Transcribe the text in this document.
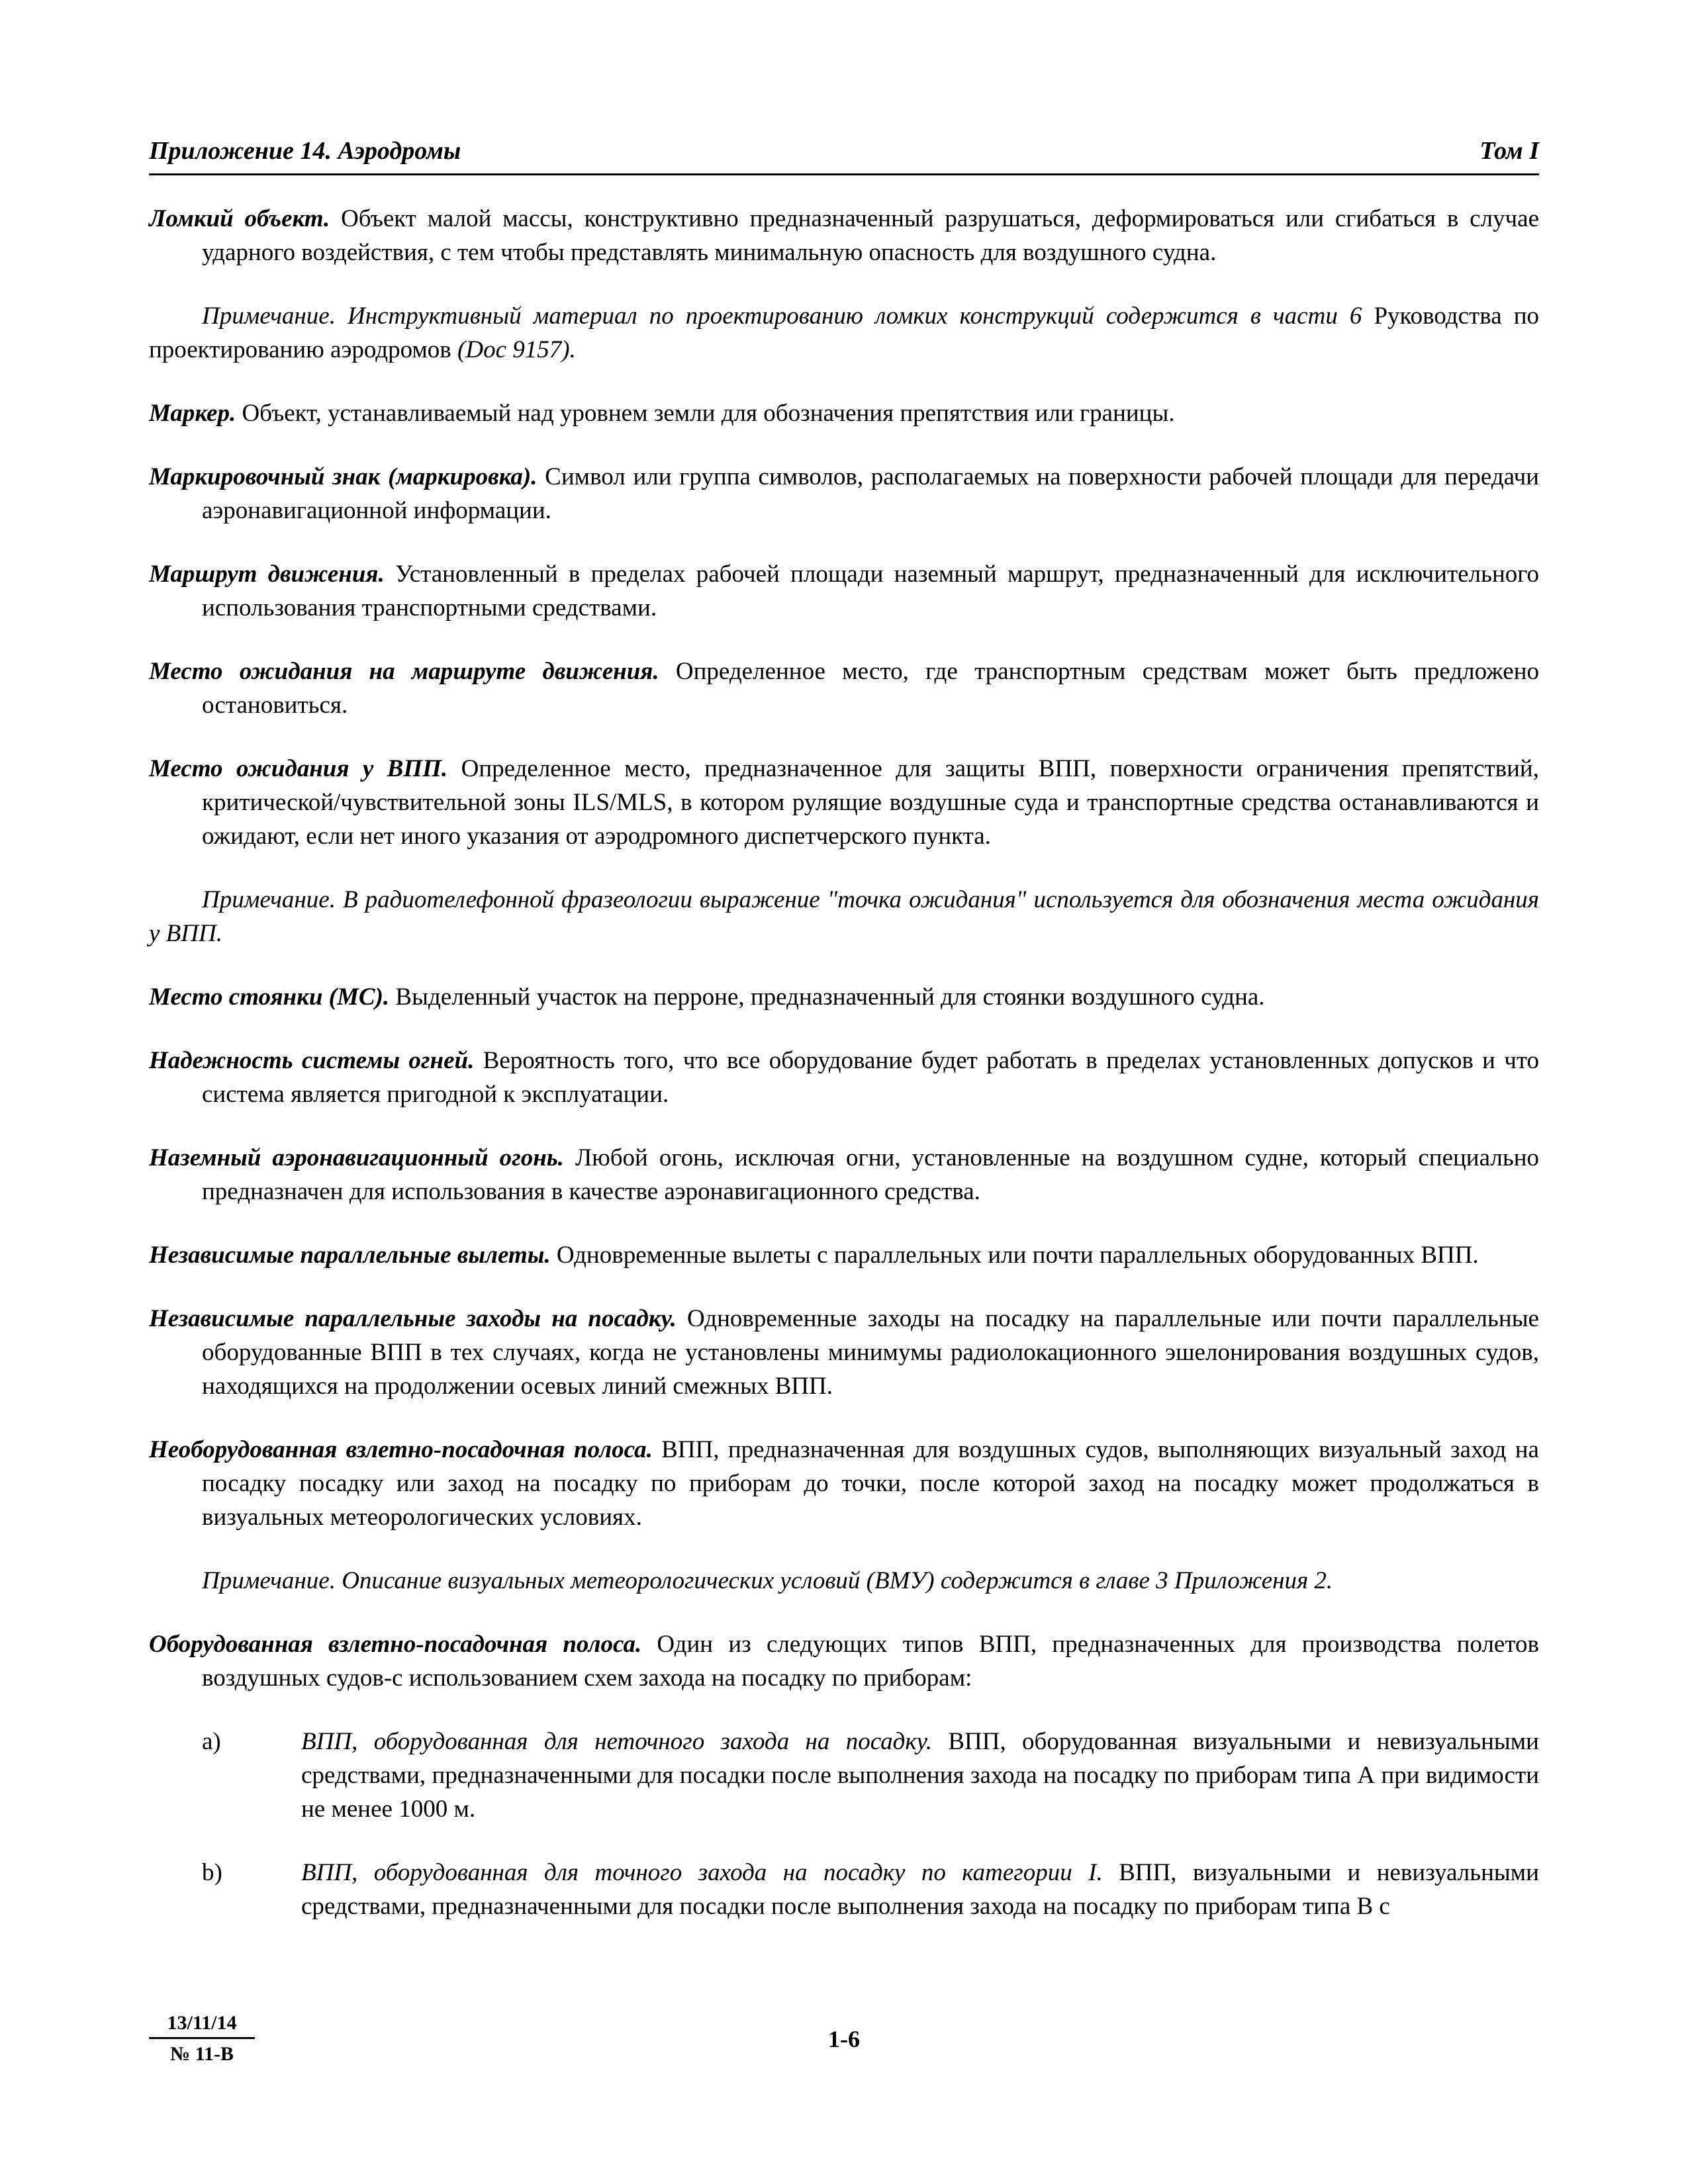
Приложение 14. Аэродромы	Том I

Ломкий объект. Объект малой массы, конструктивно предназначенный разрушаться, деформироваться или сгибаться в случае ударного воздействия, с тем чтобы представлять минимальную опасность для воздушного судна.

Примечание. Инструктивный материал по проектированию ломких конструкций содержится в части 6 Руководства по проектированию аэродромов (Doc 9157).

Маркер. Объект, устанавливаемый над уровнем земли для обозначения препятствия или границы.

Маркировочный знак (маркировка). Символ или группа символов, располагаемых на поверхности рабочей площади для передачи аэронавигационной информации.

Маршрут движения. Установленный в пределах рабочей площади наземный маршрут, предназначенный для исключительного использования транспортными средствами.

Место ожидания на маршруте движения. Определенное место, где транспортным средствам может быть предложено остановиться.

Место ожидания у ВПП. Определенное место, предназначенное для защиты ВПП, поверхности ограничения препятствий, критической/чувствительной зоны ILS/MLS, в котором рулящие воздушные суда и транспортные средства останавливаются и ожидают, если нет иного указания от аэродромного диспетчерского пункта.

Примечание. В радиотелефонной фразеологии выражение "точка ожидания" используется для обозначения места ожидания у ВПП.

Место стоянки (МС). Выделенный участок на перроне, предназначенный для стоянки воздушного судна.

Надежность системы огней. Вероятность того, что все оборудование будет работать в пределах установленных допусков и что система является пригодной к эксплуатации.

Наземный аэронавигационный огонь. Любой огонь, исключая огни, установленные на воздушном судне, который специально предназначен для использования в качестве аэронавигационного средства.

Независимые параллельные вылеты. Одновременные вылеты с параллельных или почти параллельных оборудованных ВПП.

Независимые параллельные заходы на посадку. Одновременные заходы на посадку на параллельные или почти параллельные оборудованные ВПП в тех случаях, когда не установлены минимумы радиолокационного эшелонирования воздушных судов, находящихся на продолжении осевых линий смежных ВПП.

Необорудованная взлетно-посадочная полоса. ВПП, предназначенная для воздушных судов, выполняющих визуальный заход на посадку посадку или заход на посадку по приборам до точки, после которой заход на посадку может продолжаться в визуальных метеорологических условиях.

Примечание. Описание визуальных метеорологических условий (ВМУ) содержится в главе 3 Приложения 2.

Оборудованная взлетно-посадочная полоса. Один из следующих типов ВПП, предназначенных для производства полетов воздушных судов-с использованием схем захода на посадку по приборам:

a)	ВПП, оборудованная для неточного захода на посадку. ВПП, оборудованная визуальными и невизуальными средствами, предназначенными для посадки после выполнения захода на посадку по приборам типа А при видимости не менее 1000 м.

b)	ВПП, оборудованная для точного захода на посадку по категории I. ВПП, визуальными и невизуальными средствами, предназначенными для посадки после выполнения захода на посадку по приборам типа В с

13/11/14
№ 11-В
1-6
